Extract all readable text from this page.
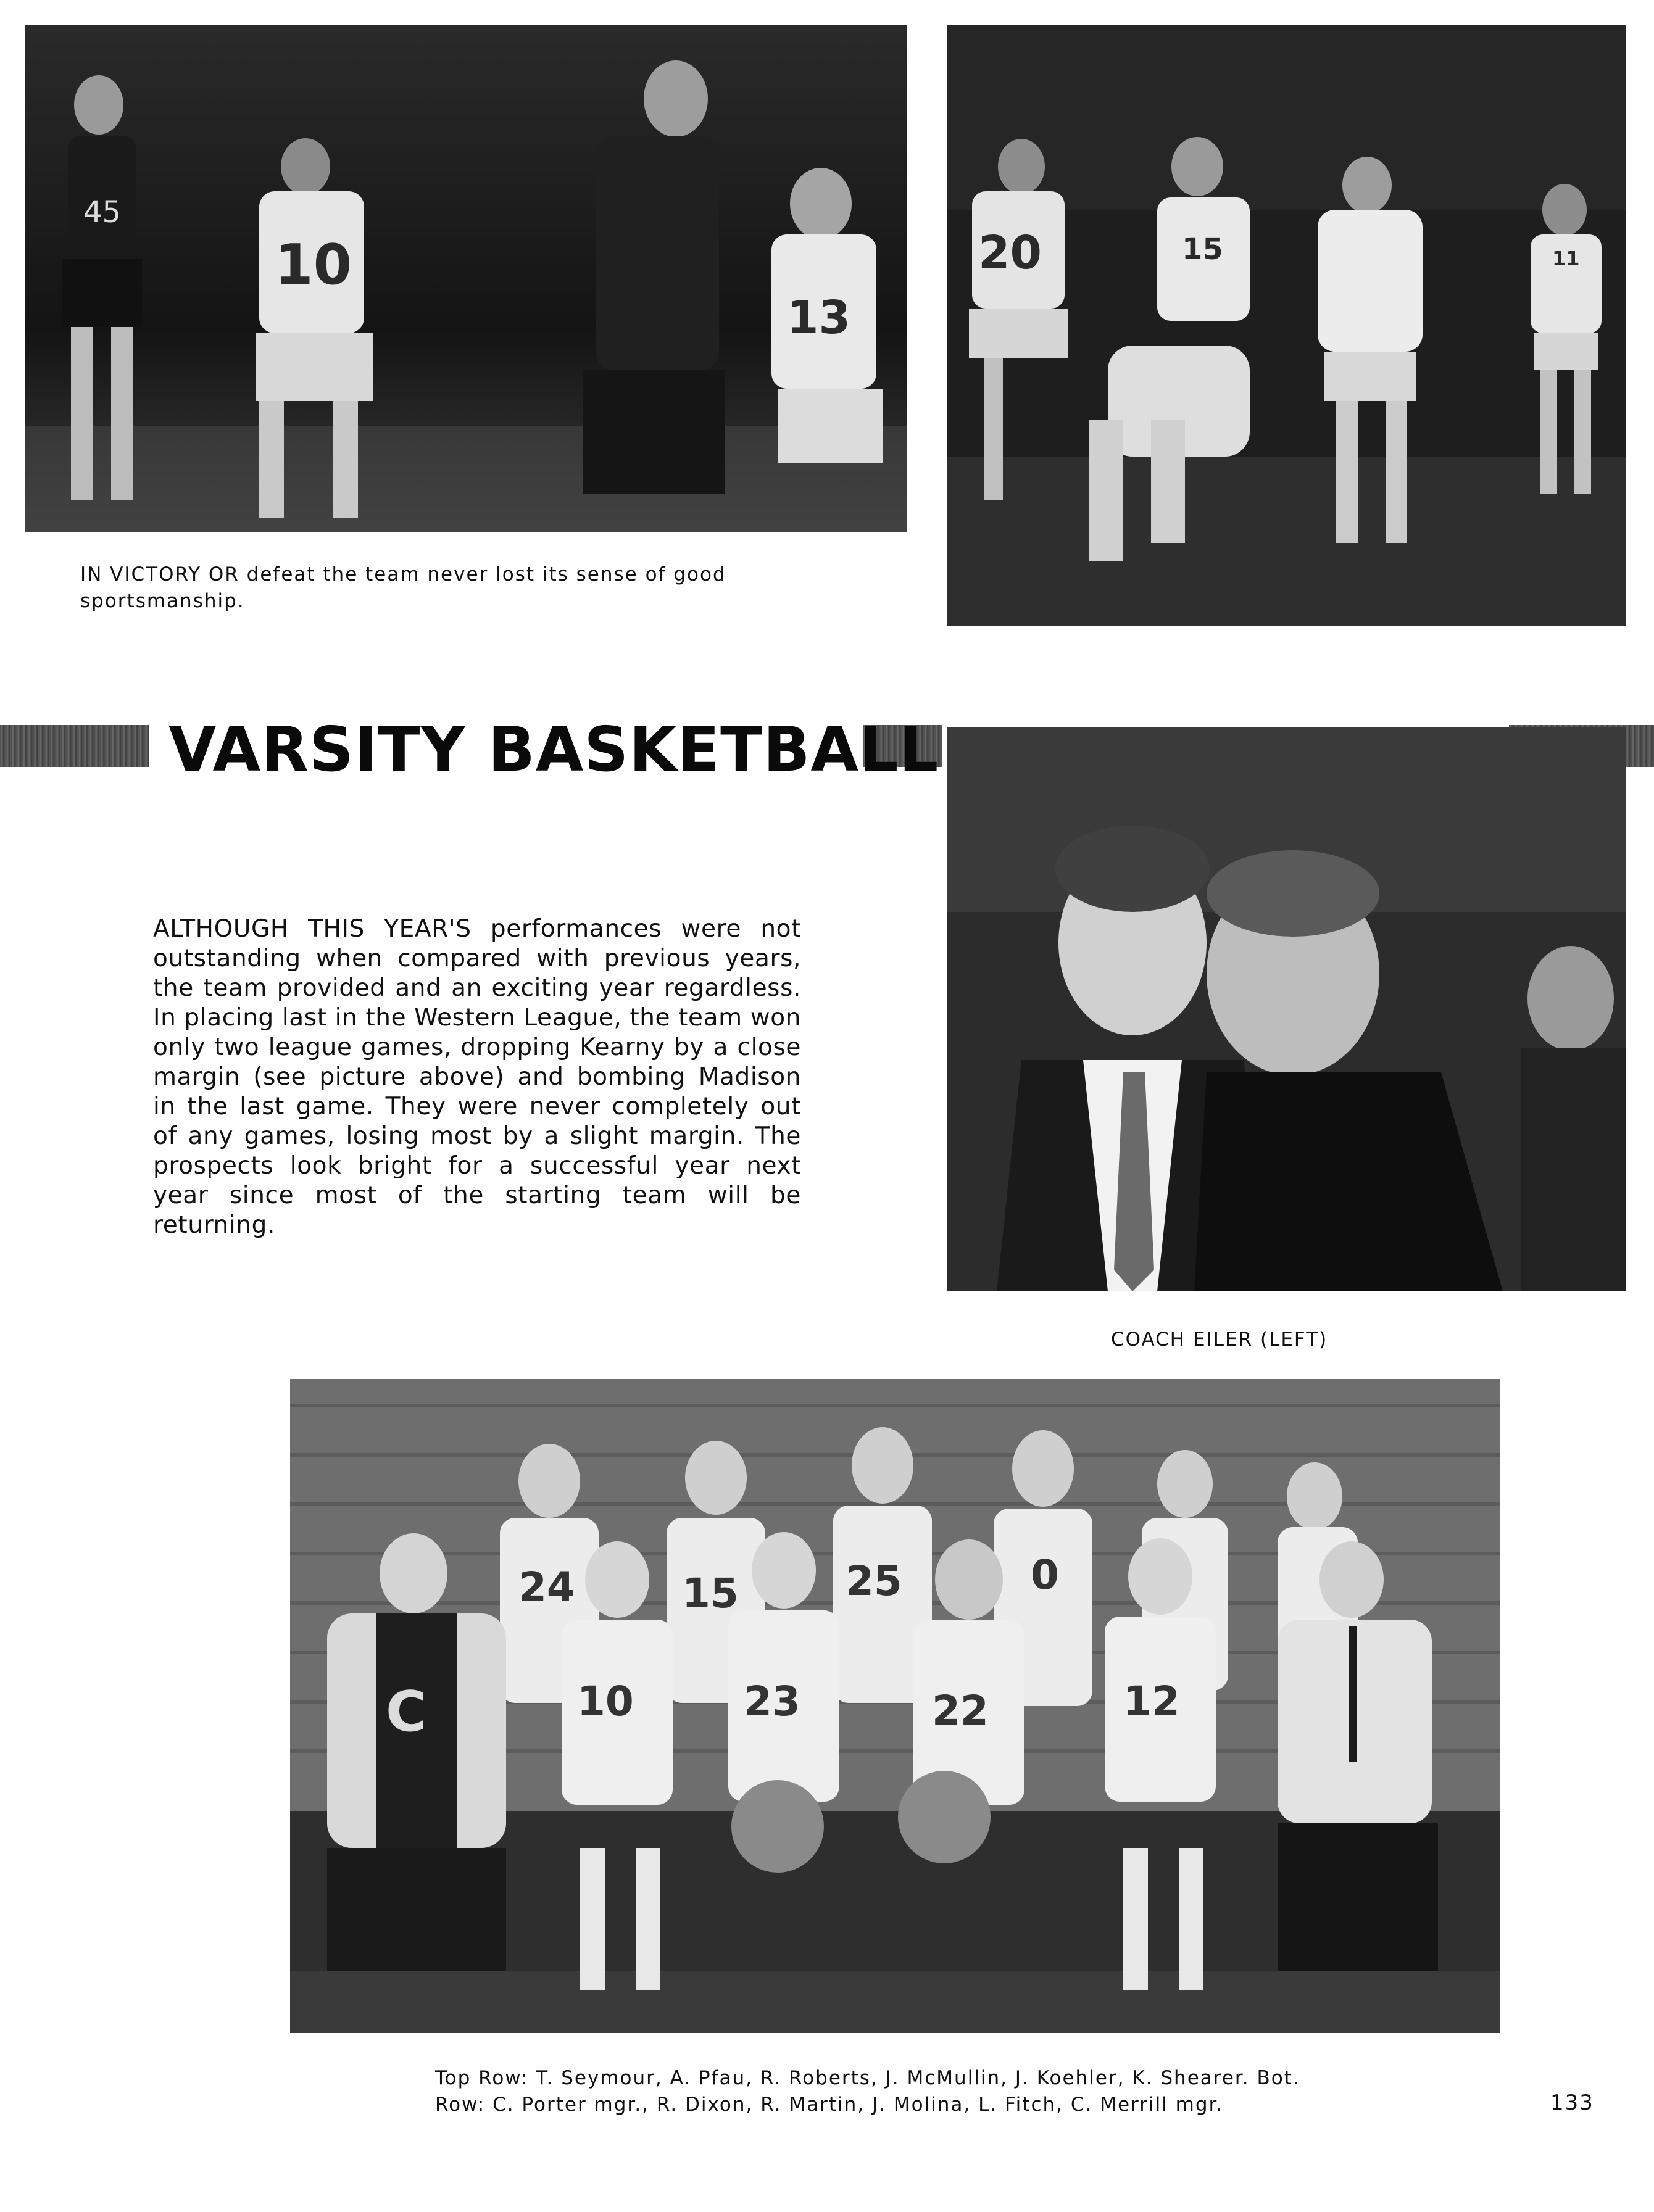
45
10
13
20	15	11
IN VICTORY OR defeat the team never lost its sense of good sportsmanship.
VARSITY BASKETBALL
ALTHOUGH THIS YEAR'S performances were not outstanding when compared with previous years, the team provided and an exciting year regardless. In placing last in the Western League, the team won only two league games, dropping Kearny by a close margin (see picture above) and bombing Madison in the last game. They were never completely out of any games, losing most by a slight margin. The prospects look bright for a successful year next year since most of the starting team will be returning.
COACH EILER (LEFT)
24	15	25	0
C	10	23	22	12
Top Row: T. Seymour, A. Pfau, R. Roberts, J. McMullin, J. Koehler, K. Shearer. Bot.
Row: C. Porter mgr., R. Dixon, R. Martin, J. Molina, L. Fitch, C. Merrill mgr.	133
